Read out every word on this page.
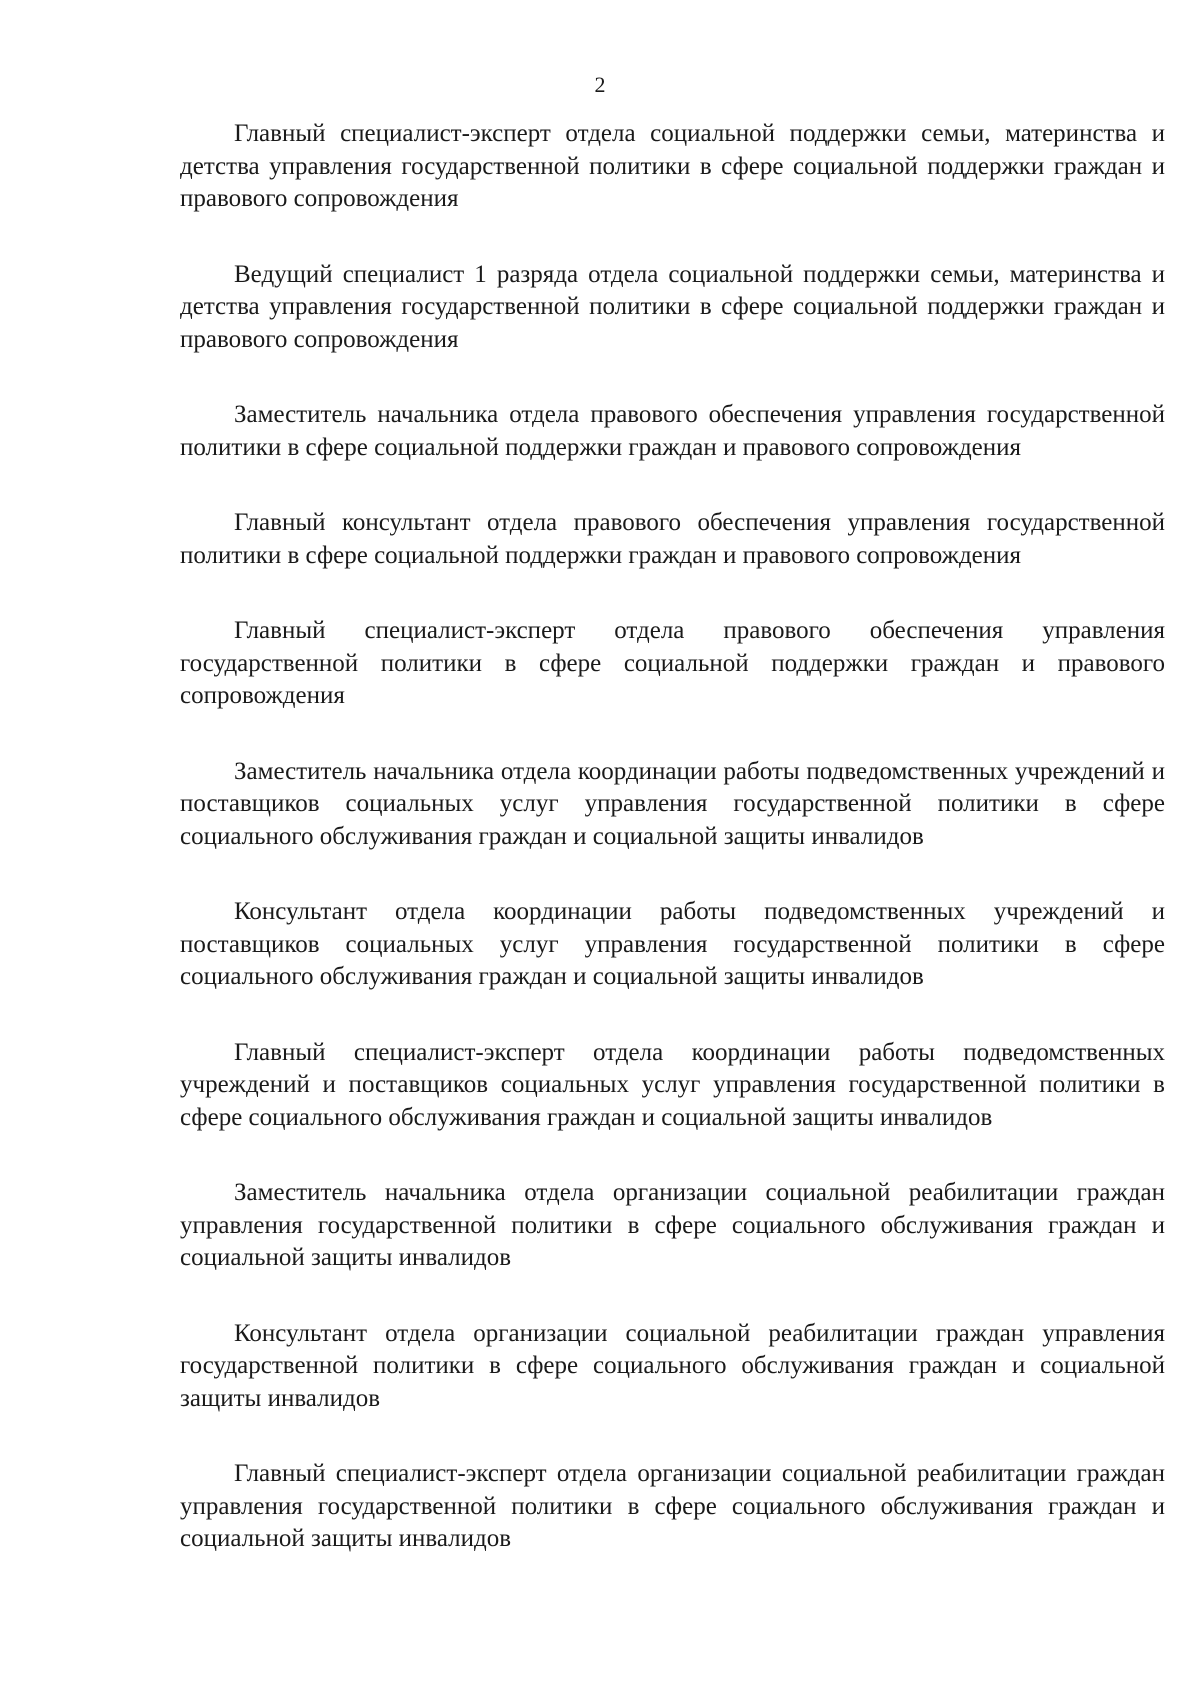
2

Главный специалист-эксперт отдела социальной поддержки семьи, материнства и детства управления государственной политики в сфере социальной поддержки граждан и правового сопровождения

Ведущий специалист 1 разряда отдела социальной поддержки семьи, материнства и детства управления государственной политики в сфере социальной поддержки граждан и правового сопровождения

Заместитель начальника отдела правового обеспечения управления государственной политики в сфере социальной поддержки граждан и правового сопровождения

Главный консультант отдела правового обеспечения управления государственной политики в сфере социальной поддержки граждан и правового сопровождения

Главный специалист-эксперт отдела правового обеспечения управления государственной политики в сфере социальной поддержки граждан и правового сопровождения

Заместитель начальника отдела координации работы подведомственных учреждений и поставщиков социальных услуг управления государственной политики в сфере социального обслуживания граждан и социальной защиты инвалидов

Консультант отдела координации работы подведомственных учреждений и поставщиков социальных услуг управления государственной политики в сфере социального обслуживания граждан и социальной защиты инвалидов

Главный специалист-эксперт отдела координации работы подведомственных учреждений и поставщиков социальных услуг управления государственной политики в сфере социального обслуживания граждан и социальной защиты инвалидов

Заместитель начальника отдела организации социальной реабилитации граждан управления государственной политики в сфере социального обслуживания граждан и социальной защиты инвалидов

Консультант отдела организации социальной реабилитации граждан управления государственной политики в сфере социального обслуживания граждан и социальной защиты инвалидов

Главный специалист-эксперт отдела организации социальной реабилитации граждан управления государственной политики в сфере социального обслуживания граждан и социальной защиты инвалидов
